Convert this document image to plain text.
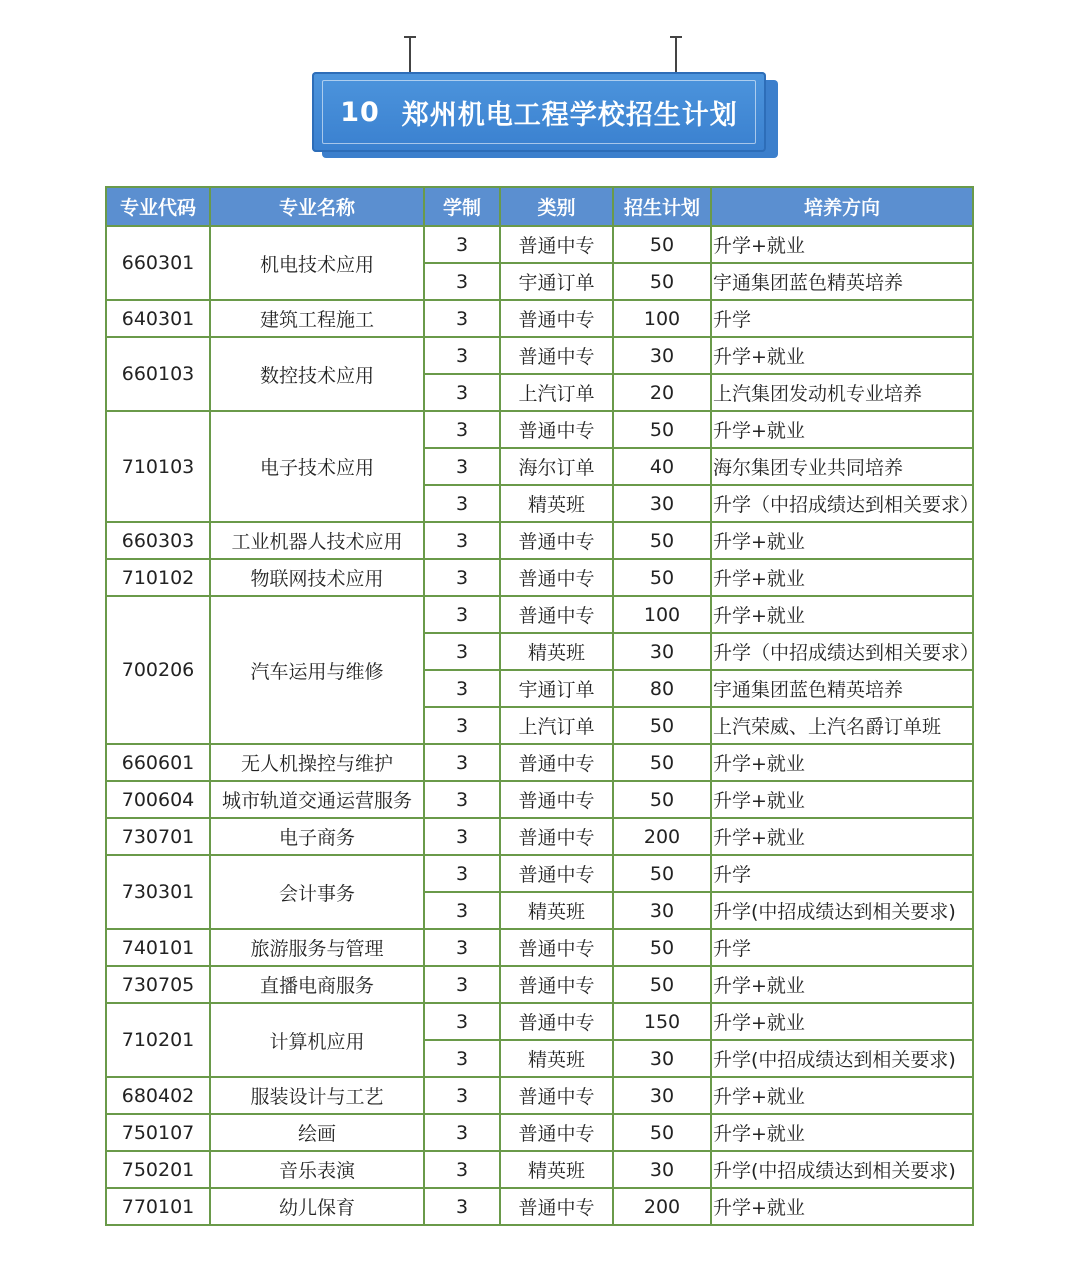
10 郑州机电工程学校招生计划
专业代码	专业名称	学制	类别	招生计划	培养方向
660301	机电技术应用	3	普通中专	50	升学+就业
		3	宇通订单	50	宇通集团蓝色精英培养
640301	建筑工程施工	3	普通中专	100	升学
660103	数控技术应用	3	普通中专	30	升学+就业
		3	上汽订单	20	上汽集团发动机专业培养
710103	电子技术应用	3	普通中专	50	升学+就业
		3	海尔订单	40	海尔集团专业共同培养
		3	精英班	30	升学（中招成绩达到相关要求）
660303	工业机器人技术应用	3	普通中专	50	升学+就业
710102	物联网技术应用	3	普通中专	50	升学+就业
700206	汽车运用与维修	3	普通中专	100	升学+就业
		3	精英班	30	升学（中招成绩达到相关要求）
		3	宇通订单	80	宇通集团蓝色精英培养
		3	上汽订单	50	上汽荣威、上汽名爵订单班
660601	无人机操控与维护	3	普通中专	50	升学+就业
700604	城市轨道交通运营服务	3	普通中专	50	升学+就业
730701	电子商务	3	普通中专	200	升学+就业
730301	会计事务	3	普通中专	50	升学
		3	精英班	30	升学(中招成绩达到相关要求)
740101	旅游服务与管理	3	普通中专	50	升学
730705	直播电商服务	3	普通中专	50	升学+就业
710201	计算机应用	3	普通中专	150	升学+就业
		3	精英班	30	升学(中招成绩达到相关要求)
680402	服装设计与工艺	3	普通中专	30	升学+就业
750107	绘画	3	普通中专	50	升学+就业
750201	音乐表演	3	精英班	30	升学(中招成绩达到相关要求)
770101	幼儿保育	3	普通中专	200	升学+就业
